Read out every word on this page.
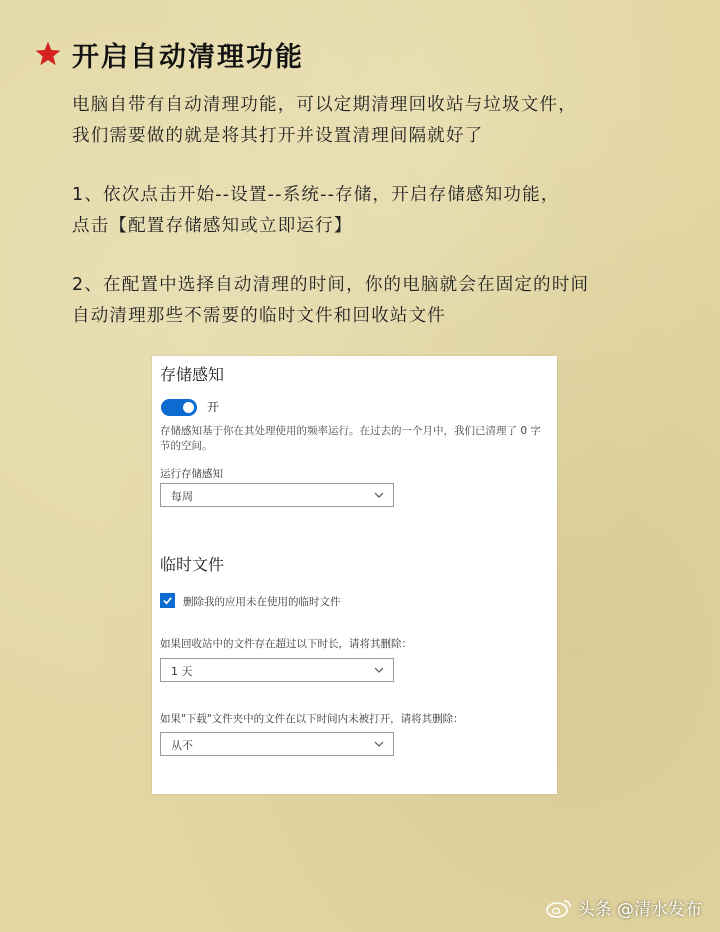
开启自动清理功能
电脑自带有自动清理功能，可以定期清理回收站与垃圾文件，
我们需要做的就是将其打开并设置清理间隔就好了
1、依次点击开始--设置--系统--存储，开启存储感知功能，
点击【配置存储感知或立即运行】
2、在配置中选择自动清理的时间，你的电脑就会在固定的时间
自动清理那些不需要的临时文件和回收站文件
存储感知
开
存储感知基于你在其处理使用的频率运行。在过去的一个月中，我们已清理了 0 字节的空间。
运行存储感知
每周
临时文件
删除我的应用未在使用的临时文件
如果回收站中的文件存在超过以下时长，请将其删除：
1 天
如果"下载"文件夹中的文件在以下时间内未被打开，请将其删除：
从不
头条 @清水发布
